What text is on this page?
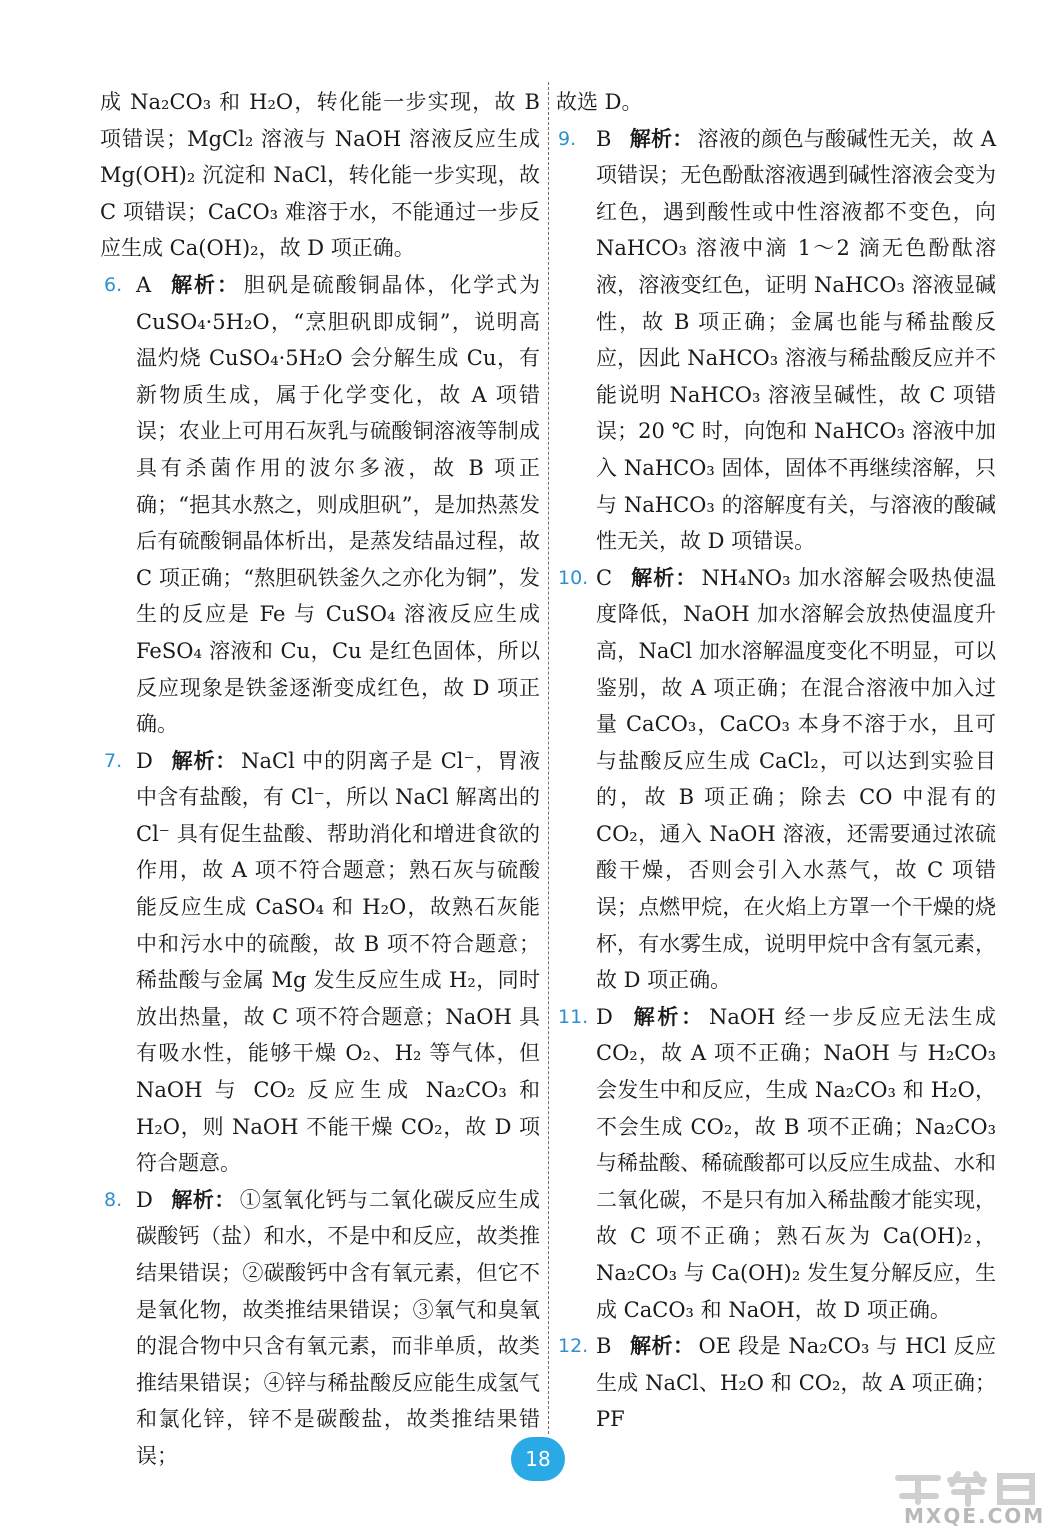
成 Na₂CO₃ 和 H₂O，转化能一步实现，故 B 项错误；MgCl₂ 溶液与 NaOH 溶液反应生成 Mg(OH)₂ 沉淀和 NaCl，转化能一步实现，故 C 项错误；CaCO₃ 难溶于水，不能通过一步反应生成 Ca(OH)₂，故 D 项正确。

6. A 解析： 胆矾是硫酸铜晶体，化学式为 CuSO₄·5H₂O，“烹胆矾即成铜”，说明高温灼烧 CuSO₄·5H₂O 会分解生成 Cu，有新物质生成，属于化学变化，故 A 项错误；农业上可用石灰乳与硫酸铜溶液等制成具有杀菌作用的波尔多液，故 B 项正确；“挹其水熬之，则成胆矾”，是加热蒸发后有硫酸铜晶体析出，是蒸发结晶过程，故 C 项正确；“熬胆矾铁釜久之亦化为铜”，发生的反应是 Fe 与 CuSO₄ 溶液反应生成 FeSO₄ 溶液和 Cu，Cu 是红色固体，所以反应现象是铁釜逐渐变成红色，故 D 项正确。
7. D 解析： NaCl 中的阴离子是 Cl⁻，胃液中含有盐酸，有 Cl⁻，所以 NaCl 解离出的 Cl⁻ 具有促生盐酸、帮助消化和增进食欲的作用，故 A 项不符合题意；熟石灰与硫酸能反应生成 CaSO₄ 和 H₂O，故熟石灰能中和污水中的硫酸，故 B 项不符合题意；稀盐酸与金属 Mg 发生反应生成 H₂，同时放出热量，故 C 项不符合题意；NaOH 具有吸水性，能够干燥 O₂、H₂ 等气体，但 NaOH 与 CO₂ 反应生成 Na₂CO₃ 和 H₂O，则 NaOH 不能干燥 CO₂，故 D 项符合题意。
8. D 解析： ①氢氧化钙与二氧化碳反应生成碳酸钙（盐）和水，不是中和反应，故类推结果错误；②碳酸钙中含有氧元素，但它不是氧化物，故类推结果错误；③氧气和臭氧的混合物中只含有氧元素，而非单质，故类推结果错误；④锌与稀盐酸反应能生成氢气和氯化锌，锌不是碳酸盐，故类推结果错误；

故选 D。

9. B 解析： 溶液的颜色与酸碱性无关，故 A 项错误；无色酚酞溶液遇到碱性溶液会变为红色，遇到酸性或中性溶液都不变色，向 NaHCO₃ 溶液中滴 1～2 滴无色酚酞溶液，溶液变红色，证明 NaHCO₃ 溶液显碱性，故 B 项正确；金属也能与稀盐酸反应，因此 NaHCO₃ 溶液与稀盐酸反应并不能说明 NaHCO₃ 溶液呈碱性，故 C 项错误；20 ℃ 时，向饱和 NaHCO₃ 溶液中加入 NaHCO₃ 固体，固体不再继续溶解，只与 NaHCO₃ 的溶解度有关，与溶液的酸碱性无关，故 D 项错误。
10. C 解析： NH₄NO₃ 加水溶解会吸热使温度降低，NaOH 加水溶解会放热使温度升高，NaCl 加水溶解温度变化不明显，可以鉴别，故 A 项正确；在混合溶液中加入过量 CaCO₃，CaCO₃ 本身不溶于水，且可与盐酸反应生成 CaCl₂，可以达到实验目的，故 B 项正确；除去 CO 中混有的 CO₂，通入 NaOH 溶液，还需要通过浓硫酸干燥，否则会引入水蒸气，故 C 项错误；点燃甲烷，在火焰上方罩一个干燥的烧杯，有水雾生成，说明甲烷中含有氢元素，故 D 项正确。
11. D 解析： NaOH 经一步反应无法生成 CO₂，故 A 项不正确；NaOH 与 H₂CO₃ 会发生中和反应，生成 Na₂CO₃ 和 H₂O，不会生成 CO₂，故 B 项不正确；Na₂CO₃ 与稀盐酸、稀硫酸都可以反应生成盐、水和二氧化碳，不是只有加入稀盐酸才能实现，故 C 项不正确；熟石灰为 Ca(OH)₂，Na₂CO₃ 与 Ca(OH)₂ 发生复分解反应，生成 CaCO₃ 和 NaOH，故 D 项正确。
12. B 解析： OE 段是 Na₂CO₃ 与 HCl 反应生成 NaCl、H₂O 和 CO₂，故 A 项正确；PF
18
MXQE.COM
